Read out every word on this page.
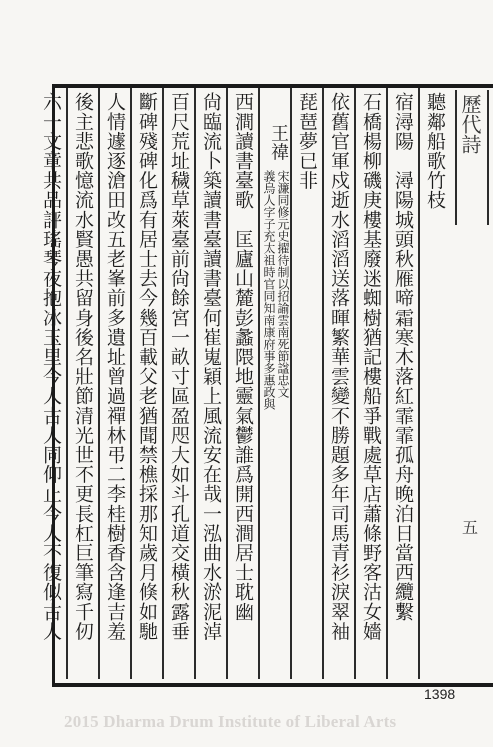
歷代詩
五
聽鄰船歌竹枝
宿潯陽　潯陽城頭秋雁啼霜寒木落紅霏霏孤舟晚泊日當西纜繫
石橋楊柳磯庚樓基廢迷蜘樹猶記樓船爭戰處草店蕭條野客沽女嬙
依舊官軍戍逝水滔滔送落暉繁華雲變不勝題多年司馬青衫淚翠袖
琵琶夢已非
王禕
宋濂同修元史擢待制以招諭雲南死節諡忠文
義烏人字子充太祖時官同知南康府事多惠政與
西澗讀書臺歌　匡廬山麓彭蠡隈地靈氣鬱誰爲開西澗居士耽幽
尙臨流卜築讀書臺讀書臺何崔嵬穎上風流安在哉一泓曲水淤泥淖
百尺荒址穢草萊臺前尙餘宮一畝寸區盈咫大如斗孔道交橫秋露垂
斷碑殘碑化爲有居士去今幾百載父老猶聞禁樵採那知歲月倏如馳
人情遽逐滄田改五老峯前多遺址曾過禪林弔二李桂樹香含逢吉羞
後主悲歌憶流水賢愚共留身後名壯節清光世不更長杠巨筆寫千仞
六一文章共品評瑤琴夜抱冰玉里今人古人同仰止今人不復似古人
1398
2015 Dharma Drum Institute of Liberal Arts
